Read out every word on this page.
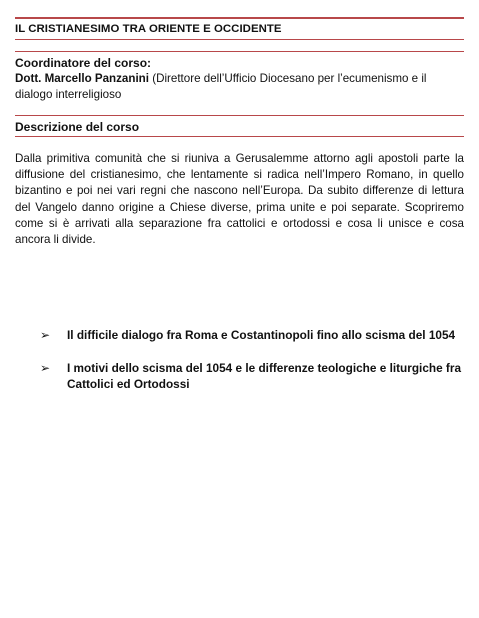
IL CRISTIANESIMO TRA ORIENTE E OCCIDENTE
Coordinatore del corso:
Dott. Marcello Panzanini (Direttore dell’Ufficio Diocesano per l’ecumenismo e il dialogo interreligioso
Descrizione del corso
Dalla primitiva comunità che si riuniva a Gerusalemme attorno agli apostoli parte la diffusione del cristianesimo, che lentamente si radica nell’Impero Romano, in quello bizantino e poi nei vari regni che nascono nell’Europa. Da subito differenze di lettura del Vangelo danno origine a Chiese diverse, prima unite e poi separate. Scopriremo come si è arrivati alla separazione fra cattolici e ortodossi e cosa li unisce e cosa ancora li divide.
➢ Il difficile dialogo fra Roma e Costantinopoli fino allo scisma del 1054
➢ I motivi dello scisma del 1054 e le differenze teologiche e liturgiche fra Cattolici ed Ortodossi
